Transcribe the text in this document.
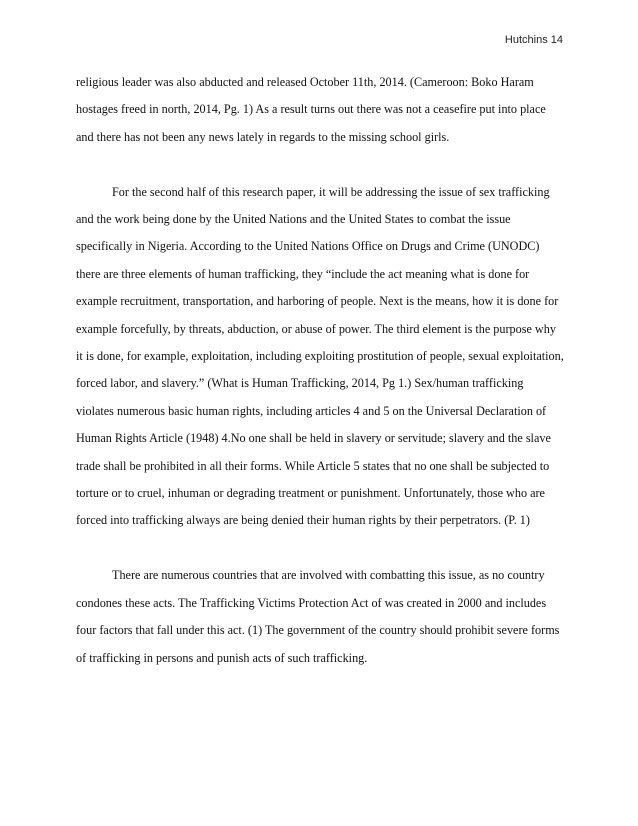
Hutchins 14

religious leader was also abducted and released October 11th, 2014. (Cameroon: Boko Haram hostages freed in north, 2014, Pg. 1) As a result turns out there was not a ceasefire put into place and there has not been any news lately in regards to the missing school girls.

For the second half of this research paper, it will be addressing the issue of sex trafficking and the work being done by the United Nations and the United States to combat the issue specifically in Nigeria. According to the United Nations Office on Drugs and Crime (UNODC) there are three elements of human trafficking, they “include the act meaning what is done for example recruitment, transportation, and harboring of people. Next is the means, how it is done for example forcefully, by threats, abduction, or abuse of power. The third element is the purpose why it is done, for example, exploitation, including exploiting prostitution of people, sexual exploitation, forced labor, and slavery.” (What is Human Trafficking, 2014, Pg 1.) Sex/human trafficking violates numerous basic human rights, including articles 4 and 5 on the Universal Declaration of Human Rights Article (1948) 4.No one shall be held in slavery or servitude; slavery and the slave trade shall be prohibited in all their forms. While Article 5 states that no one shall be subjected to torture or to cruel, inhuman or degrading treatment or punishment. Unfortunately, those who are forced into trafficking always are being denied their human rights by their perpetrators. (P. 1)

There are numerous countries that are involved with combatting this issue, as no country condones these acts. The Trafficking Victims Protection Act of was created in 2000 and includes four factors that fall under this act. (1) The government of the country should prohibit severe forms of trafficking in persons and punish acts of such trafficking.
